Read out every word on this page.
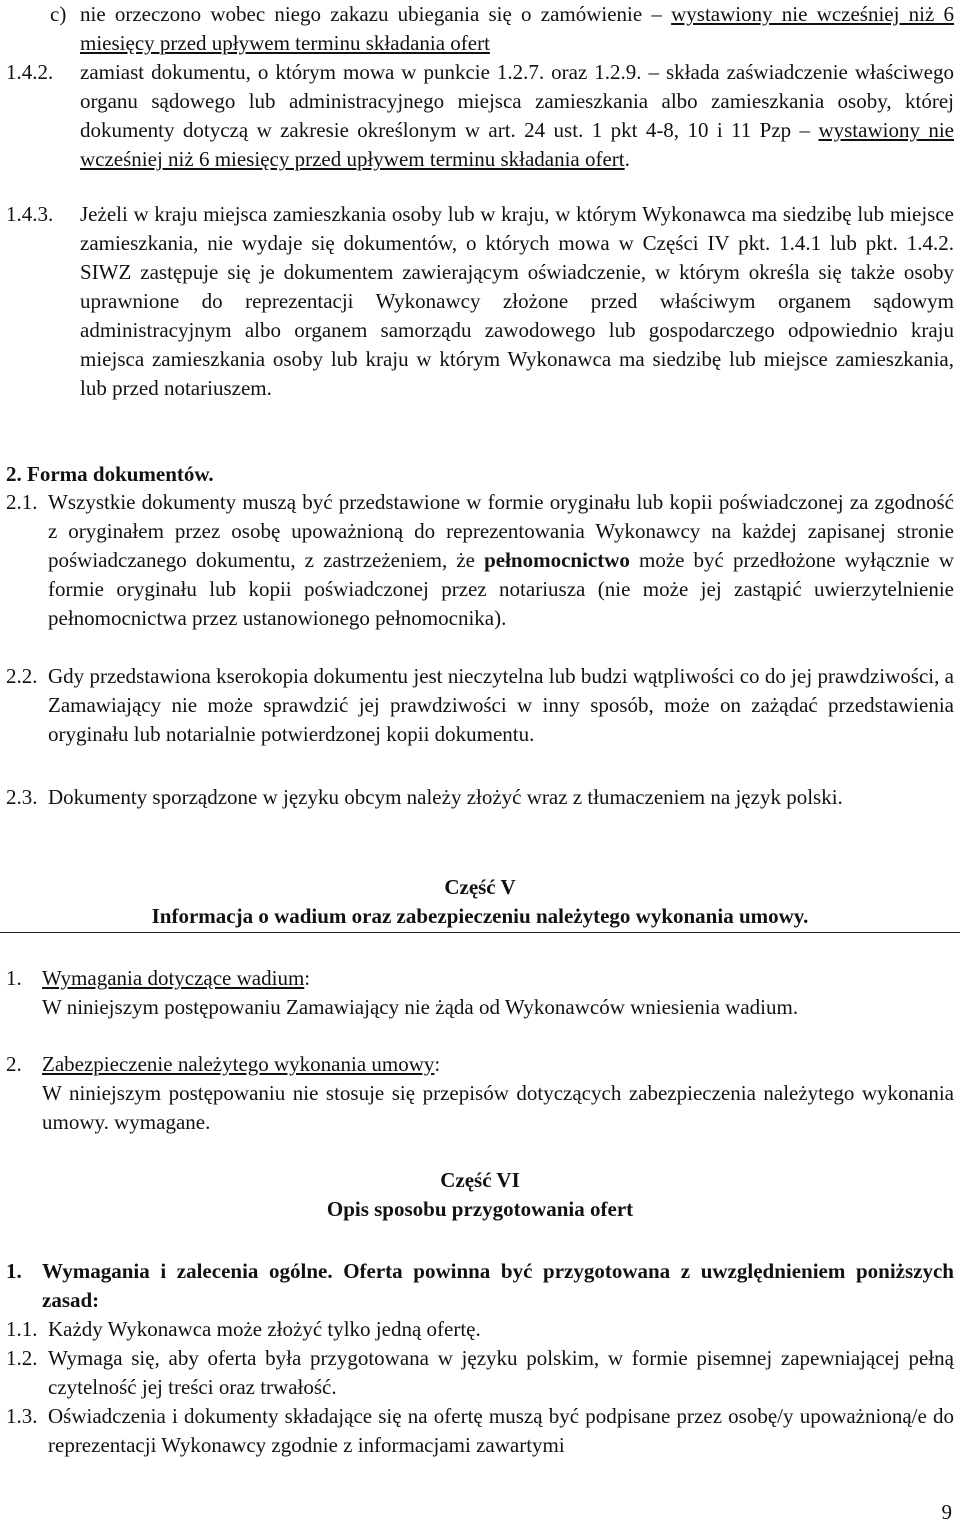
c) nie orzeczono wobec niego zakazu ubiegania się o zamówienie – wystawiony nie wcześniej niż 6 miesięcy przed upływem terminu składania ofert
1.4.2. zamiast dokumentu, o którym mowa w punkcie 1.2.7. oraz 1.2.9. – składa zaświadczenie właściwego organu sądowego lub administracyjnego miejsca zamieszkania albo zamieszkania osoby, której dokumenty dotyczą w zakresie określonym w art. 24 ust. 1 pkt 4-8, 10 i 11 Pzp – wystawiony nie wcześniej niż 6 miesięcy przed upływem terminu składania ofert.
1.4.3. Jeżeli w kraju miejsca zamieszkania osoby lub w kraju, w którym Wykonawca ma siedzibę lub miejsce zamieszkania, nie wydaje się dokumentów, o których mowa w Części IV pkt. 1.4.1 lub pkt. 1.4.2. SIWZ zastępuje się je dokumentem zawierającym oświadczenie, w którym określa się także osoby uprawnione do reprezentacji Wykonawcy złożone przed właściwym organem sądowym administracyjnym albo organem samorządu zawodowego lub gospodarczego odpowiednio kraju miejsca zamieszkania osoby lub kraju w którym Wykonawca ma siedzibę lub miejsce zamieszkania, lub przed notariuszem.
2. Forma dokumentów.
2.1. Wszystkie dokumenty muszą być przedstawione w formie oryginału lub kopii poświadczonej za zgodność z oryginałem przez osobę upoważnioną do reprezentowania Wykonawcy na każdej zapisanej stronie poświadczanego dokumentu, z zastrzeżeniem, że pełnomocnictwo może być przedłożone wyłącznie w formie oryginału lub kopii poświadczonej przez notariusza (nie może jej zastąpić uwierzytelnienie pełnomocnictwa przez ustanowionego pełnomocnika).
2.2. Gdy przedstawiona kserokopia dokumentu jest nieczytelna lub budzi wątpliwości co do jej prawdziwości, a Zamawiający nie może sprawdzić jej prawdziwości w inny sposób, może on zażądać przedstawienia oryginału lub notarialnie potwierdzonej kopii dokumentu.
2.3. Dokumenty sporządzone w języku obcym należy złożyć wraz z tłumaczeniem na język polski.
Część V
Informacja o wadium oraz zabezpieczeniu należytego wykonania umowy.
1. Wymagania dotyczące wadium:
W niniejszym postępowaniu Zamawiający nie żąda od Wykonawców wniesienia wadium.
2. Zabezpieczenie należytego wykonania umowy:
W niniejszym postępowaniu nie stosuje się przepisów dotyczących zabezpieczenia należytego wykonania umowy. wymagane.
Część VI
Opis sposobu przygotowania ofert
1. Wymagania i zalecenia ogólne. Oferta powinna być przygotowana z uwzględnieniem poniższych zasad:
1.1. Każdy Wykonawca może złożyć tylko jedną ofertę.
1.2. Wymaga się, aby oferta była przygotowana w języku polskim, w formie pisemnej zapewniającej pełną czytelność jej treści oraz trwałość.
1.3. Oświadczenia i dokumenty składające się na ofertę muszą być podpisane przez osobę/y upoważnioną/e do reprezentacji Wykonawcy zgodnie z informacjami zawartymi
9
